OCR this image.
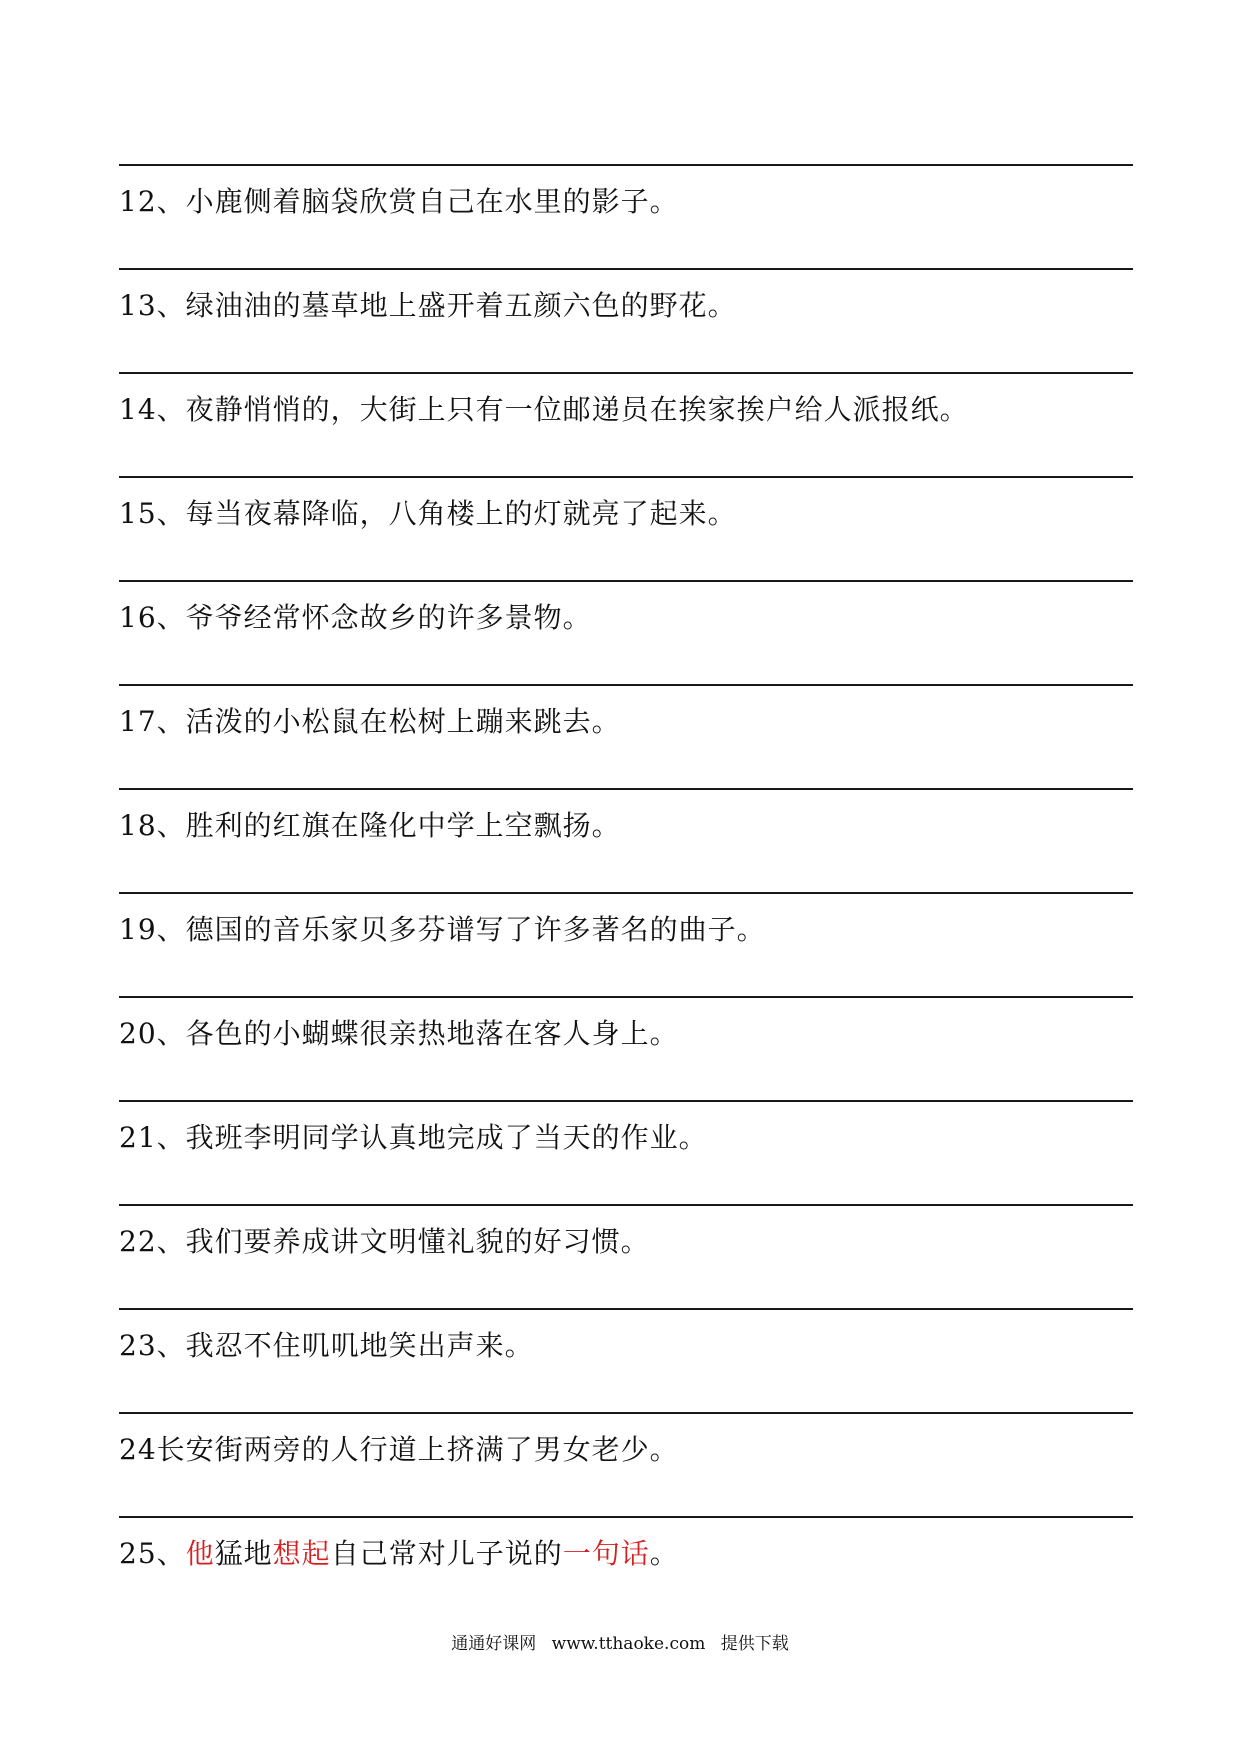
12、小鹿侧着脑袋欣赏自己在水里的影子。
13、绿油油的墓草地上盛开着五颜六色的野花。
14、夜静悄悄的，大街上只有一位邮递员在挨家挨户给人派报纸。
15、每当夜幕降临，八角楼上的灯就亮了起来。
16、爷爷经常怀念故乡的许多景物。
17、活泼的小松鼠在松树上蹦来跳去。
18、胜利的红旗在隆化中学上空飘扬。
19、德国的音乐家贝多芬谱写了许多著名的曲子。
20、各色的小蝴蝶很亲热地落在客人身上。
21、我班李明同学认真地完成了当天的作业。
22、我们要养成讲文明懂礼貌的好习惯。
23、我忍不住叽叽地笑出声来。
24长安街两旁的人行道上挤满了男女老少。
25、他猛地想起自己常对儿子说的一句话。
通通好课网 www.tthaoke.com 提供下载
